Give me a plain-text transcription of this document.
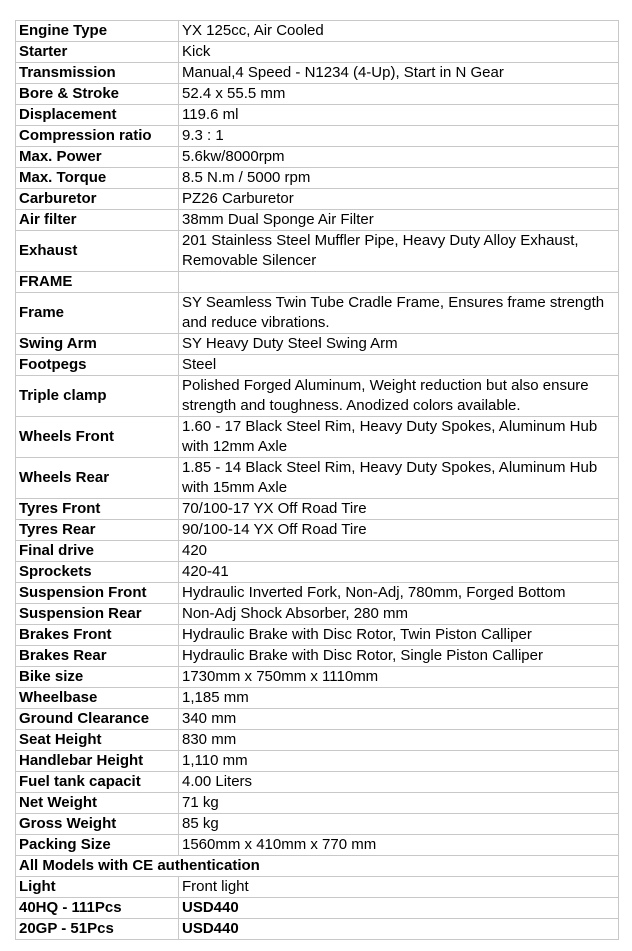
Engine Type	YX 125cc, Air Cooled
Starter	Kick
Transmission	Manual,4 Speed - N1234 (4-Up), Start in N Gear
Bore & Stroke	52.4 x 55.5 mm
Displacement	119.6 ml
Compression ratio	9.3 : 1
Max. Power	5.6kw/8000rpm
Max. Torque	8.5 N.m / 5000 rpm
Carburetor	PZ26 Carburetor
Air filter	38mm Dual Sponge Air Filter
Exhaust	201 Stainless Steel Muffler Pipe, Heavy Duty Alloy Exhaust, Removable Silencer
FRAME	
Frame	SY Seamless Twin Tube Cradle Frame, Ensures frame strength and reduce vibrations.
Swing Arm	SY Heavy Duty Steel Swing Arm
Footpegs	Steel
Triple clamp	Polished Forged Aluminum, Weight reduction but also ensure strength and toughness. Anodized colors available.
Wheels Front	1.60 - 17 Black Steel Rim, Heavy Duty Spokes, Aluminum Hub with 12mm Axle
Wheels Rear	1.85 - 14 Black Steel Rim, Heavy Duty Spokes, Aluminum Hub with 15mm Axle
Tyres Front	70/100-17 YX Off Road Tire
Tyres Rear	90/100-14 YX Off Road Tire
Final drive	420
Sprockets	420-41
Suspension Front	Hydraulic Inverted Fork, Non-Adj, 780mm, Forged Bottom
Suspension Rear	Non-Adj Shock Absorber, 280 mm
Brakes Front	Hydraulic Brake with Disc Rotor, Twin Piston Calliper
Brakes Rear	Hydraulic Brake with Disc Rotor, Single Piston Calliper
Bike size	1730mm x 750mm x 1110mm
Wheelbase	1,185 mm
Ground Clearance	340 mm
Seat Height	830 mm
Handlebar Height	1,110 mm
Fuel tank capacit	4.00 Liters
Net Weight	71 kg
Gross Weight	85 kg
Packing Size	1560mm x 410mm x 770 mm
All Models with CE authentication	
Light	Front light
40HQ - 111Pcs	USD440
20GP - 51Pcs	USD440
